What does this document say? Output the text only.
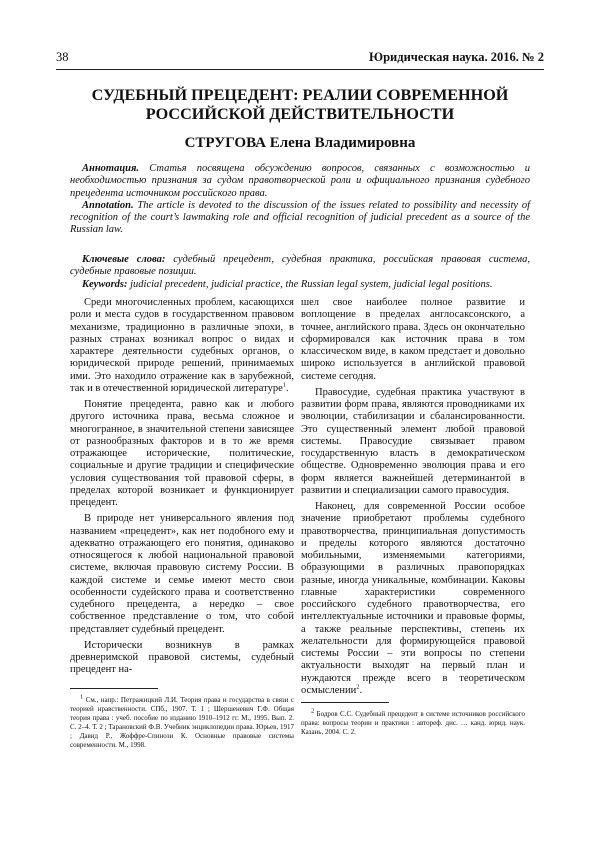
38	Юридическая наука. 2016. № 2
СУДЕБНЫЙ ПРЕЦЕДЕНТ: РЕАЛИИ СОВРЕМЕННОЙ
РОССИЙСКОЙ ДЕЙСТВИТЕЛЬНОСТИ
СТРУГОВА Елена Владимировна

Аннотация. Статья посвящена обсуждению вопросов, связанных с возможностью и необходимостью признания за судом правотворческой роли и официального признания судебного прецедента источником российского права.

Annotation. The article is devoted to the discussion of the issues related to possibility and necessity of recognition of the court’s lawmaking role and official recognition of judicial precedent as a source of the Russian law.

Ключевые слова: судебный прецедент, судебная практика, российская правовая система, судебные правовые позиции.

Keywords: judicial precedent, judicial practice, the Russian legal system, judicial legal positions.

Среди многочисленных проблем, касающихся роли и места судов в государственном правовом механизме, традиционно в различные эпохи, в разных странах возникал вопрос о видах и характере деятельности судебных органов, о юридической природе решений, принимаемых ими. Это находило отражение как в зарубежной, так и в отечественной юридической литературе$^1$.

Понятие прецедента, равно как и любого другого источника права, весьма сложное и многогранное, в значительной степени зависящее от разнообразных факторов и в то же время отражающее исторические, политические, социальные и другие традиции и специфические условия существования той правовой сферы, в пределах которой возникает и функционирует прецедент.

В природе нет универсального явления под названием «прецедент», как нет подобного ему и адекватно отражающего его понятия, одинаково относящегося к любой национальной правовой системе, включая правовую систему России. В каждой системе и семье имеют место свои особенности судейского права и соответственно судебного прецедента, а нередко – свое собственное представление о том, что собой представляет судебный прецедент.

Исторически возникнув в рамках древнеримской правовой системы, судебный прецедент на-

шел свое наиболее полное развитие и воплощение в пределах англосаксонского, а точнее, английского права. Здесь он окончательно сформировался как источник права в том классическом виде, в каком предстает и довольно широко используется в английской правовой системе сегодня.

Правосудие, судебная практика участвуют в развитии форм права, являются проводниками их эволюции, стабилизации и сбалансированности. Это существенный элемент любой правовой системы. Правосудие связывает правом государственную власть в демократическом обществе. Одновременно эволюция права и его форм является важнейшей детерминантой в развитии и специализации самого правосудия.

Наконец, для современной России особое значение приобретают проблемы судебного правотворчества, принципиальная допустимость и пределы которого являются достаточно мобильными, изменяемыми категориями, образующими в различных правопорядках разные, иногда уникальные, комбинации. Каковы главные характеристики современного российского судебного правотворчества, его интеллектуальные источники и правовые формы, а также реальные перспективы, степень их желательности для формирующейся правовой системы России – эти вопросы по степени актуальности выходят на первый план и нуждаются прежде всего в теоретическом осмыслении$^2$.

$^1$ См., напр.: Петражицкий Л.И. Теория права и государства в связи с теорией нравственности. СПб., 1907. Т. 1 ; Шершеневич Г.Ф. Общая теория права : учеб. пособие по изданию 1910–1912 гг. М., 1995. Вып. 2. С. 2–4. Т. 2 ; Тарановский Ф.В. Учебник энциклопедии права. Юрьев, 1917 ; Давид Р., Жоффре-Спинози К. Основные правовые системы современности. М., 1998.

$^2$ Бодров С.С. Судебный прецедент в системе источников российского права: вопросы теории и практики : автореф. дис. … канд. юрид. наук. Казань, 2004. С. 2.
